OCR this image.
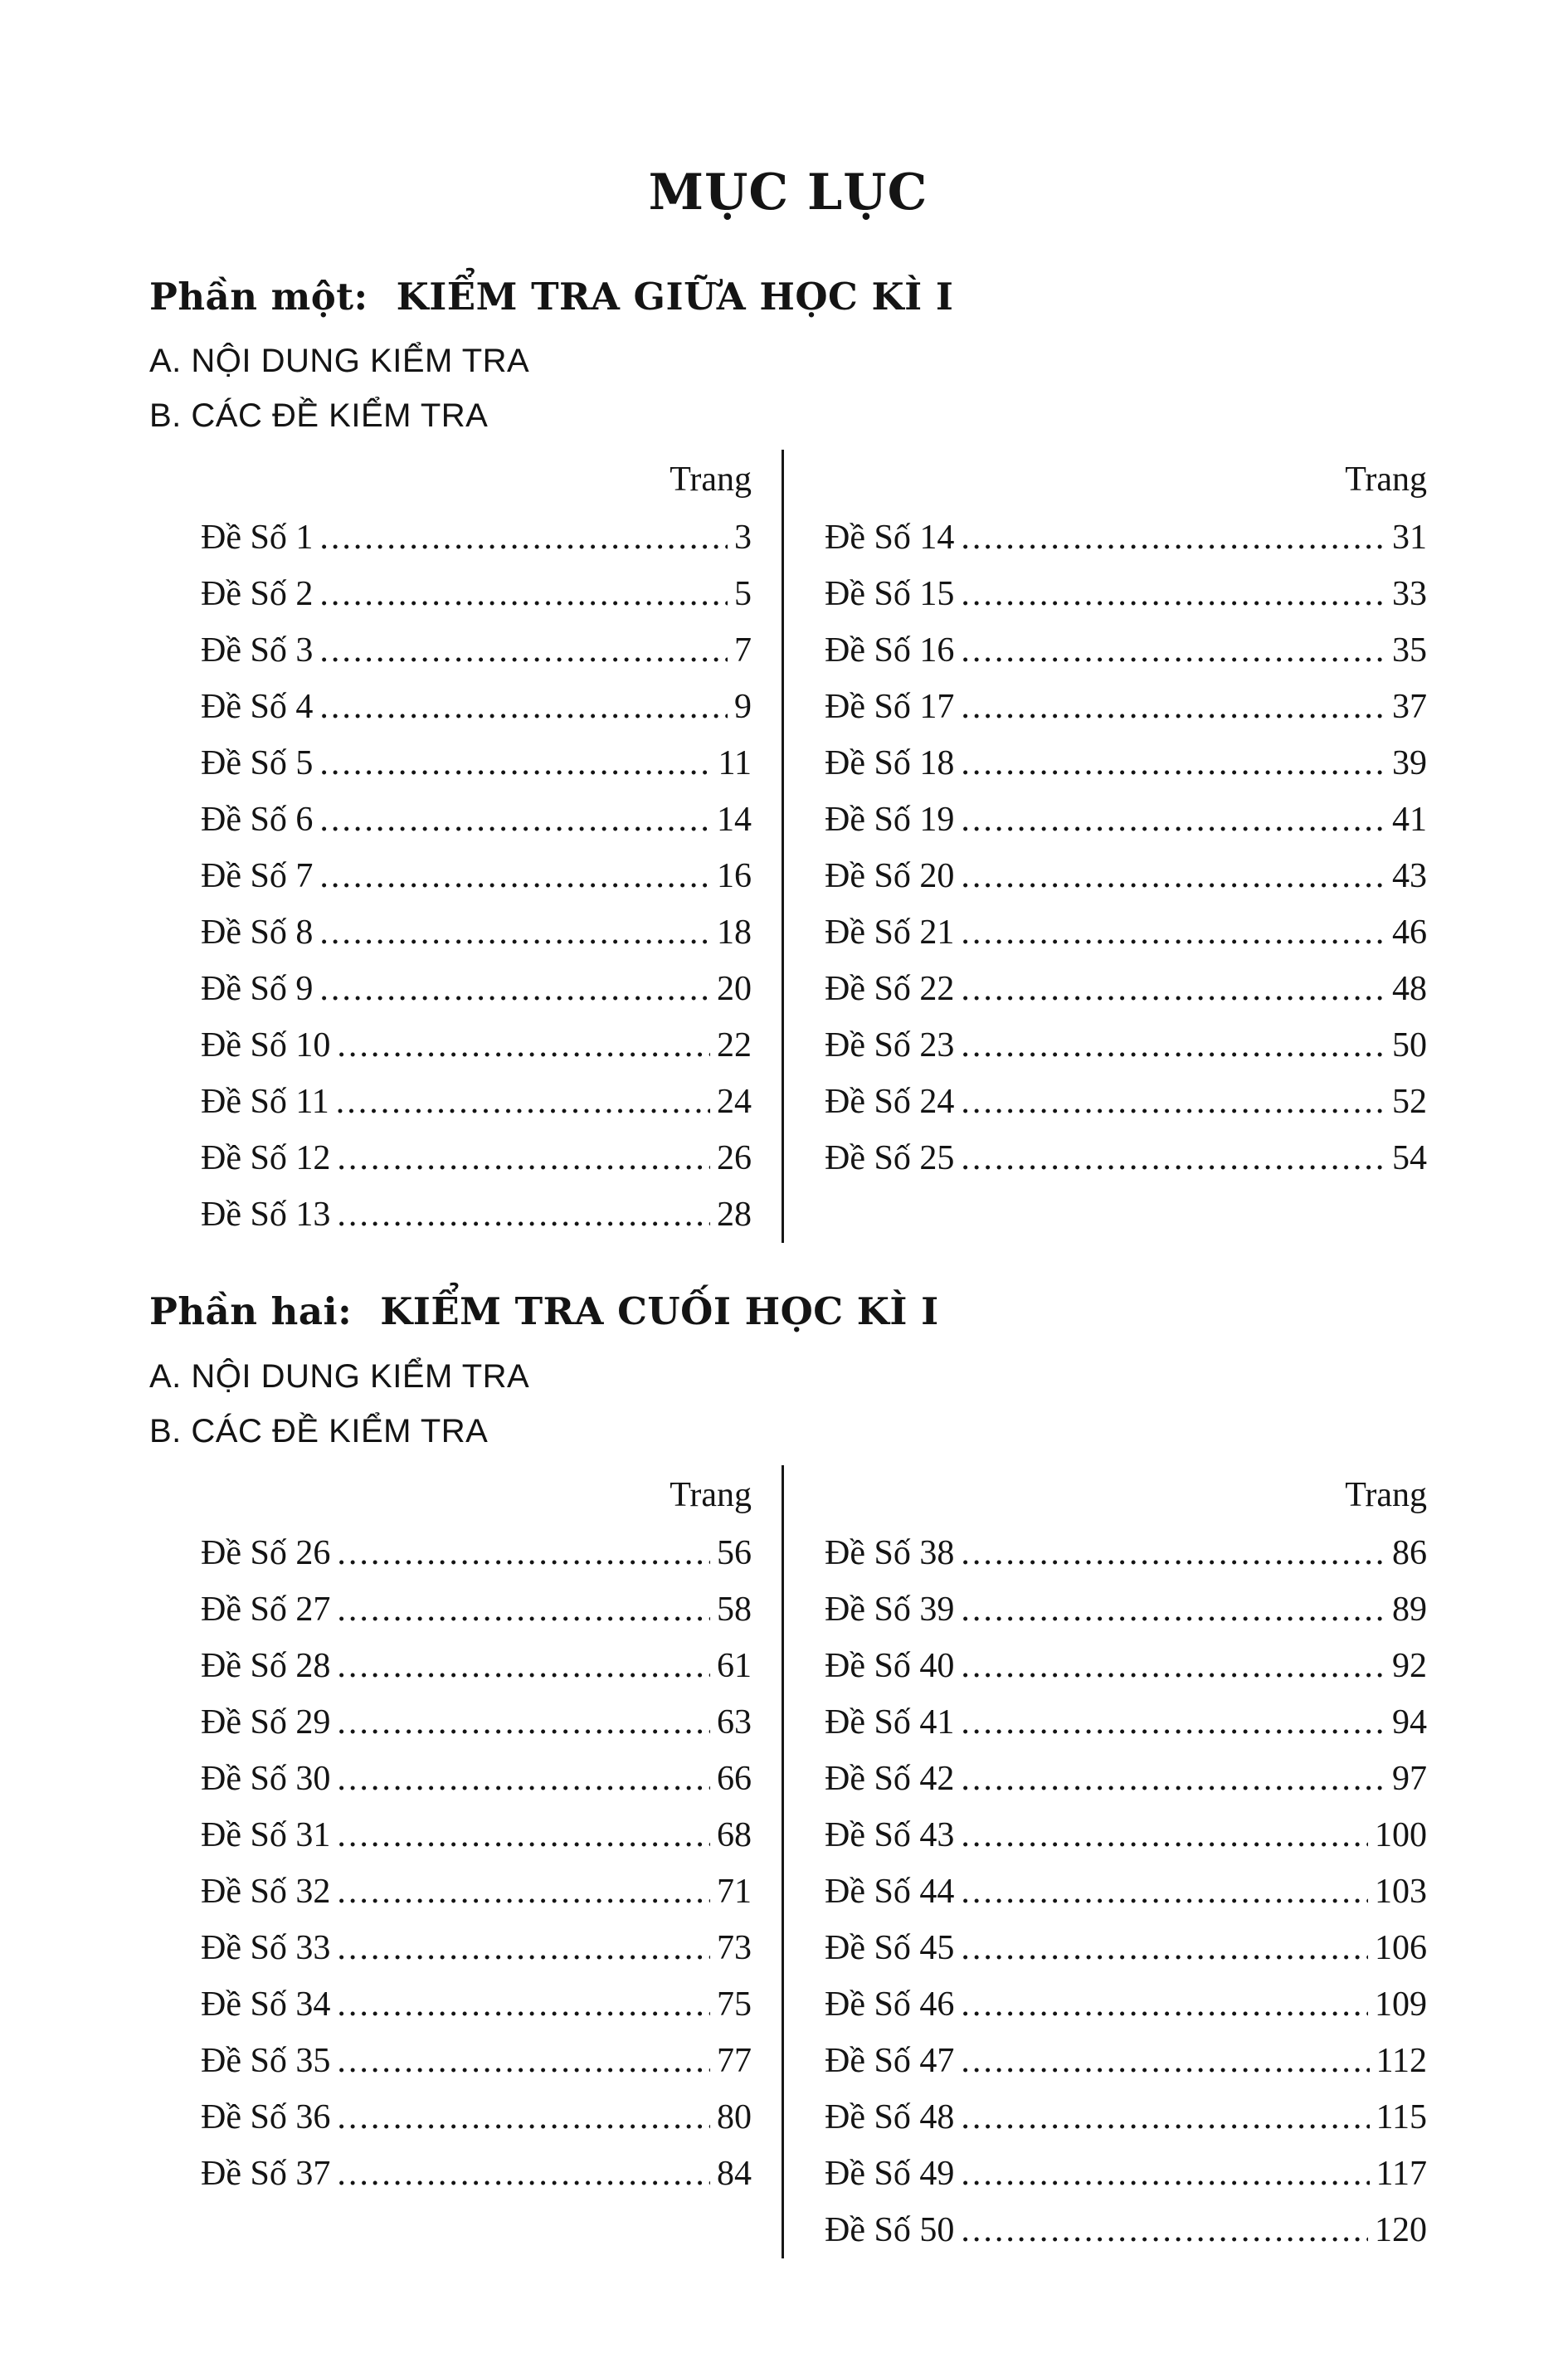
MỤC LỤC
Phần một: KIỂM TRA GIỮA HỌC KÌ I
A. NỘI DUNG KIỂM TRA
B. CÁC ĐỀ KIỂM TRA
Trang
Đề Số 1 .....	3
Đề Số 2 .....	5
Đề Số 3 .....	7
Đề Số 4 .....	9
Đề Số 5 .....	11
Đề Số 6 .....	14
Đề Số 7 .....	16
Đề Số 8 .....	18
Đề Số 9 .....	20
Đề Số 10 .....	22
Đề Số 11 .....	24
Đề Số 12 .....	26
Đề Số 13 .....	28
Trang
Đề Số 14 .....	31
Đề Số 15 .....	33
Đề Số 16 .....	35
Đề Số 17 .....	37
Đề Số 18 .....	39
Đề Số 19 .....	41
Đề Số 20 .....	43
Đề Số 21 .....	46
Đề Số 22 .....	48
Đề Số 23 .....	50
Đề Số 24 .....	52
Đề Số 25 .....	54
Phần hai: KIỂM TRA CUỐI HỌC KÌ I
A. NỘI DUNG KIỂM TRA
B. CÁC ĐỀ KIỂM TRA
Trang
Đề Số 26 .....	56
Đề Số 27 .....	58
Đề Số 28 .....	61
Đề Số 29 .....	63
Đề Số 30 .....	66
Đề Số 31 .....	68
Đề Số 32 .....	71
Đề Số 33 .....	73
Đề Số 34 .....	75
Đề Số 35 .....	77
Đề Số 36 .....	80
Đề Số 37 .....	84
Trang
Đề Số 38 .....	86
Đề Số 39 .....	89
Đề Số 40 .....	92
Đề Số 41 .....	94
Đề Số 42 .....	97
Đề Số 43 .....	100
Đề Số 44 .....	103
Đề Số 45 .....	106
Đề Số 46 .....	109
Đề Số 47 .....	112
Đề Số 48 .....	115
Đề Số 49 .....	117
Đề Số 50 .....	120
